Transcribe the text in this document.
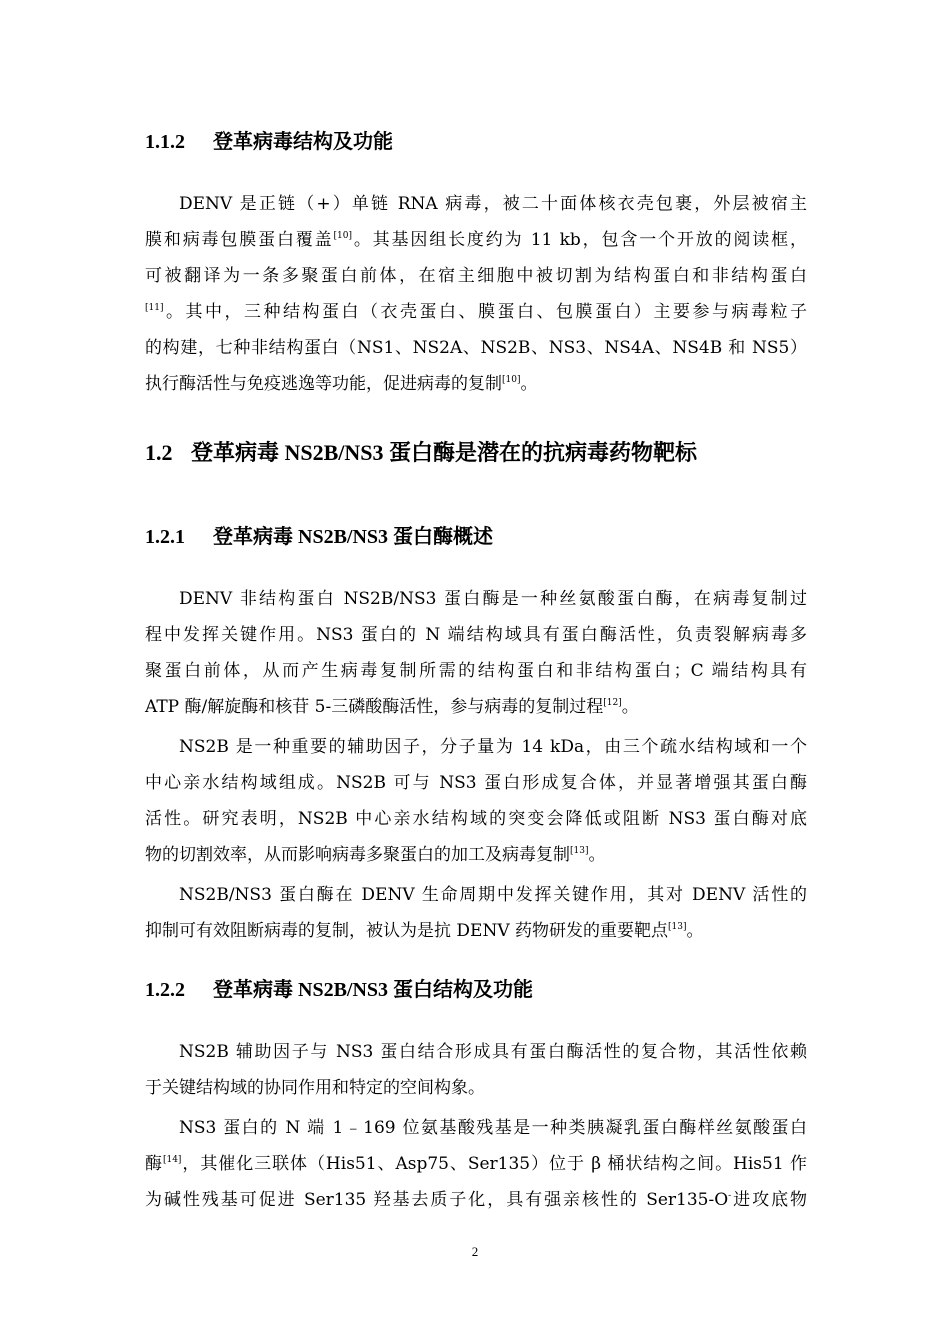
1.1.2 登革病毒结构及功能
DENV 是正链（+）单链 RNA 病毒，被二十面体核衣壳包裹，外层被宿主
膜和病毒包膜蛋白覆盖[10]。其基因组长度约为 11 kb，包含一个开放的阅读框，
可被翻译为一条多聚蛋白前体，在宿主细胞中被切割为结构蛋白和非结构蛋白
[11]。其中，三种结构蛋白（衣壳蛋白、膜蛋白、包膜蛋白）主要参与病毒粒子
的构建，七种非结构蛋白（NS1、NS2A、NS2B、NS3、NS4A、NS4B 和 NS5）
执行酶活性与免疫逃逸等功能，促进病毒的复制[10]。
1.2 登革病毒 NS2B/NS3 蛋白酶是潜在的抗病毒药物靶标
1.2.1 登革病毒 NS2B/NS3 蛋白酶概述
DENV 非结构蛋白 NS2B/NS3 蛋白酶是一种丝氨酸蛋白酶，在病毒复制过
程中发挥关键作用。NS3 蛋白的 N 端结构域具有蛋白酶活性，负责裂解病毒多
聚蛋白前体，从而产生病毒复制所需的结构蛋白和非结构蛋白；C 端结构具有
ATP 酶/解旋酶和核苷 5-三磷酸酶活性，参与病毒的复制过程[12]。
NS2B 是一种重要的辅助因子，分子量为 14 kDa，由三个疏水结构域和一个
中心亲水结构域组成。NS2B 可与 NS3 蛋白形成复合体，并显著增强其蛋白酶
活性。研究表明，NS2B 中心亲水结构域的突变会降低或阻断 NS3 蛋白酶对底
物的切割效率，从而影响病毒多聚蛋白的加工及病毒复制[13]。
NS2B/NS3 蛋白酶在 DENV 生命周期中发挥关键作用，其对 DENV 活性的
抑制可有效阻断病毒的复制，被认为是抗 DENV 药物研发的重要靶点[13]。
1.2.2 登革病毒 NS2B/NS3 蛋白结构及功能
NS2B 辅助因子与 NS3 蛋白结合形成具有蛋白酶活性的复合物，其活性依赖
于关键结构域的协同作用和特定的空间构象。
NS3 蛋白的 N 端 1﹣169 位氨基酸残基是一种类胰凝乳蛋白酶样丝氨酸蛋白
酶[14]，其催化三联体（His51、Asp75、Ser135）位于 β 桶状结构之间。His51 作
为碱性残基可促进 Ser135 羟基去质子化，具有强亲核性的 Ser135-O-进攻底物
2
